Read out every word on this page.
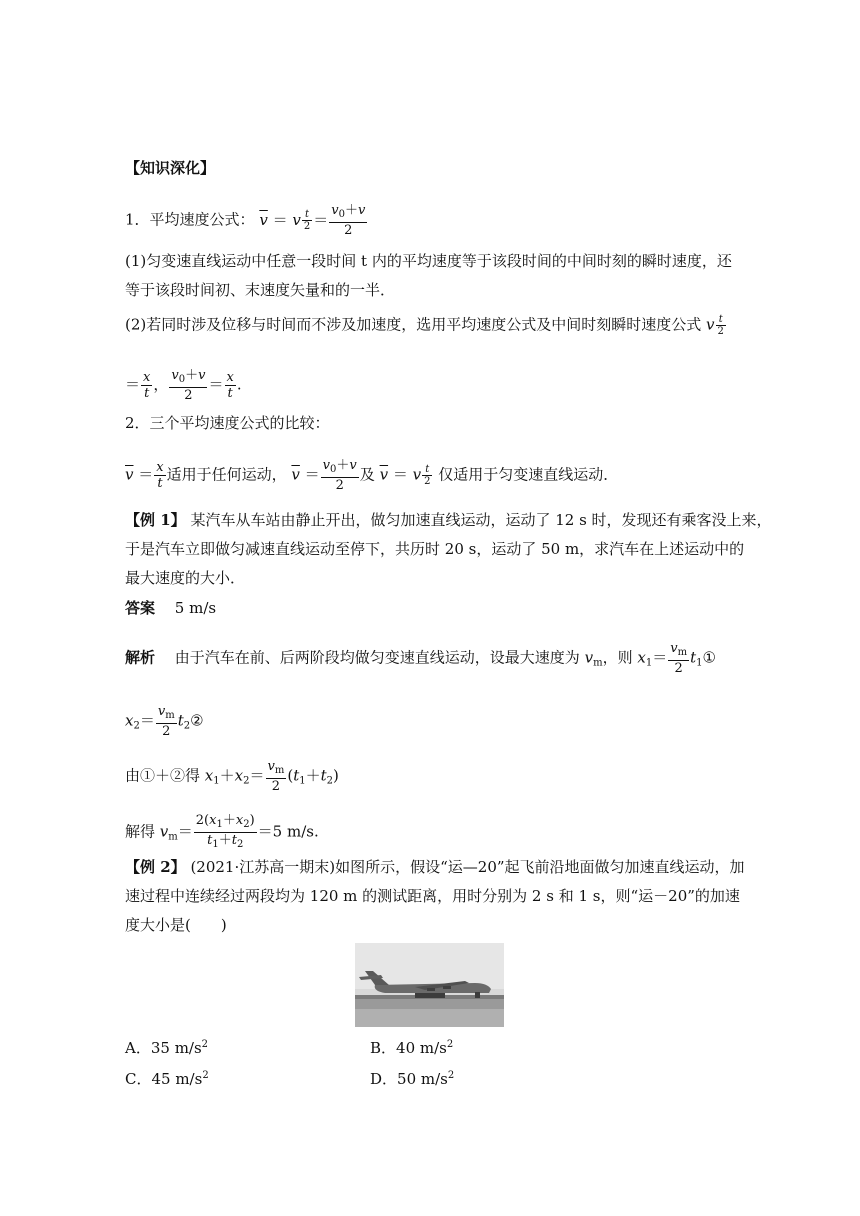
【知识深化】
1．平均速度公式： $\overline{v} = v \frac{t}{2} = \frac{v_0+v}{2}$
(1)匀变速直线运动中任意一段时间 t 内的平均速度等于该段时间的中间时刻的瞬时速度，还
等于该段时间初、末速度矢量和的一半．
(2)若同时涉及位移与时间而不涉及加速度，选用平均速度公式及中间时刻瞬时速度公式 v $\frac{t}{2}$
＝ $\frac{x}{t}$ ， $\frac{v_0+v}{2} = \frac{x}{t}$ .
2．三个平均速度公式的比较：
$\overline{v} = \frac{x}{t}$ 适用于任何运动， $\overline{v} = \frac{v_0+v}{2}$ 及 $\overline{v} = v \frac{t}{2}$ 仅适用于匀变速直线运动．
【例 1】 某汽车从车站由静止开出，做匀加速直线运动，运动了 12 s 时，发现还有乘客没上来，
于是汽车立即做匀减速直线运动至停下，共历时 20 s，运动了 50 m，求汽车在上述运动中的
最大速度的大小．
答案　 5 m/s
解析　 由于汽车在前、后两阶段均做匀变速直线运动，设最大速度为 $v_m$，则 $x_1= \frac{v_m}{2}$ $t_1①$
$x_2= \frac{v_m}{2}$ $t_2②$
由①＋②得 $x_1+x_2= \frac{v_m}{2} (t_1+t_2)$
解得 $v_m= \frac{2(x_1+x_2)}{t_1+t_2} =5$ m/s.
【例 2】 (2021·江苏高一期末)如图所示，假设“运—20”起飞前沿地面做匀加速直线运动，加
速过程中连续经过两段均为 120 m 的测试距离，用时分别为 2 s 和 1 s，则“运－20”的加速
度大小是(　　)
A．35 $m/s^2$	B．40 $m/s^2$
C．45 $m/s^2$	D．50 $m/s^2$
